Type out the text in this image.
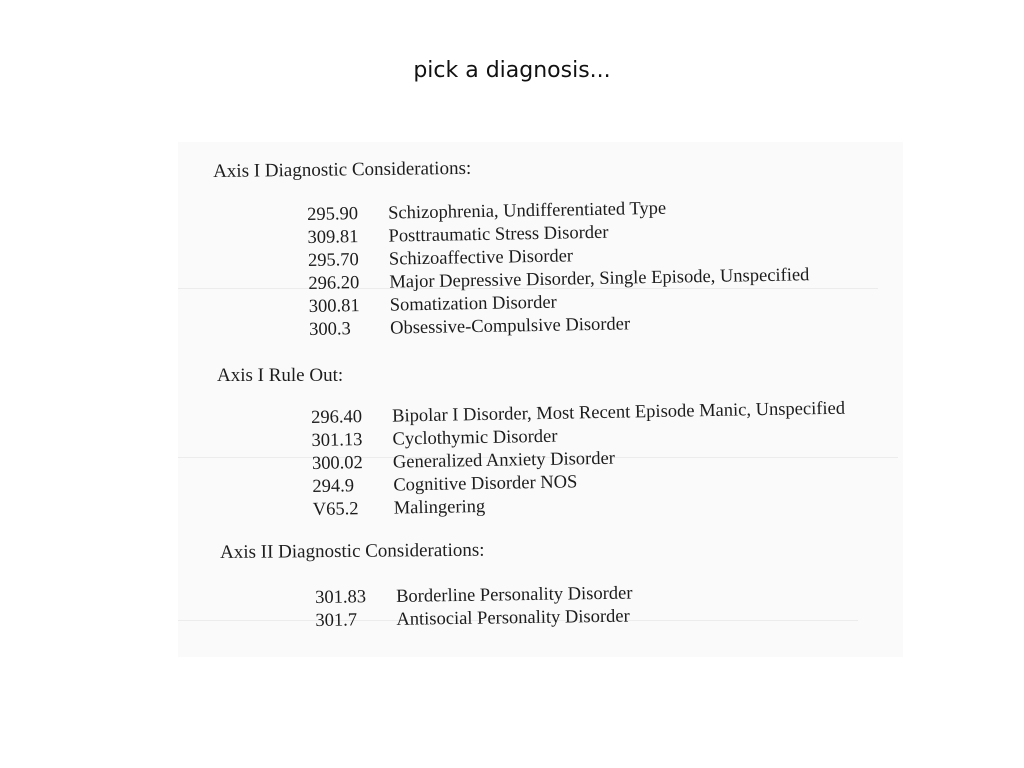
pick a diagnosis...
Axis I Diagnostic Considerations:
295.90 Schizophrenia, Undifferentiated Type
309.81 Posttraumatic Stress Disorder
295.70 Schizoaffective Disorder
296.20 Major Depressive Disorder, Single Episode, Unspecified
300.81 Somatization Disorder
300.3 Obsessive-Compulsive Disorder
Axis I Rule Out:
296.40 Bipolar I Disorder, Most Recent Episode Manic, Unspecified
301.13 Cyclothymic Disorder
300.02 Generalized Anxiety Disorder
294.9 Cognitive Disorder NOS
V65.2 Malingering
Axis II Diagnostic Considerations:
301.83 Borderline Personality Disorder
301.7 Antisocial Personality Disorder
